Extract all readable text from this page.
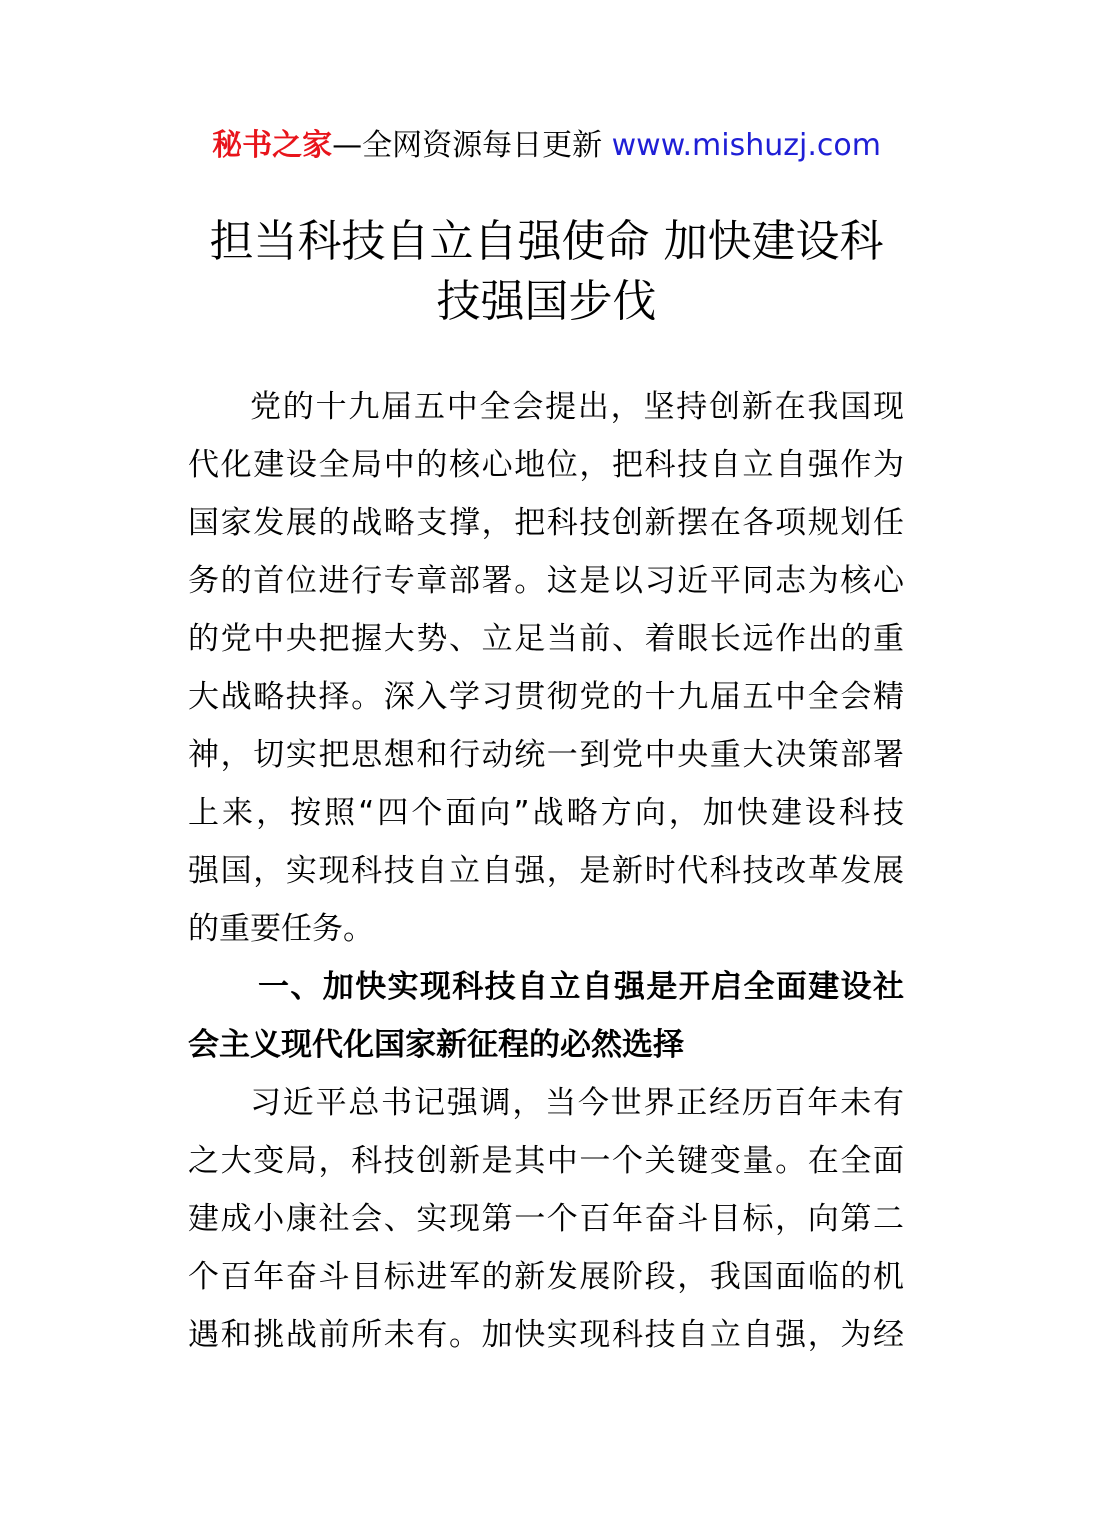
秘书之家—全网资源每日更新 www.mishuzj.com
担当科技自立自强使命 加快建设科
技强国步伐
党的十九届五中全会提出，坚持创新在我国现
代化建设全局中的核心地位，把科技自立自强作为
国家发展的战略支撑，把科技创新摆在各项规划任
务的首位进行专章部署。这是以习近平同志为核心
的党中央把握大势、立足当前、着眼长远作出的重
大战略抉择。深入学习贯彻党的十九届五中全会精
神，切实把思想和行动统一到党中央重大决策部署
上来，按照“四个面向”战略方向，加快建设科技
强国，实现科技自立自强，是新时代科技改革发展
的重要任务。
一、加快实现科技自立自强是开启全面建设社
会主义现代化国家新征程的必然选择
习近平总书记强调，当今世界正经历百年未有
之大变局，科技创新是其中一个关键变量。在全面
建成小康社会、实现第一个百年奋斗目标，向第二
个百年奋斗目标进军的新发展阶段，我国面临的机
遇和挑战前所未有。加快实现科技自立自强，为经
